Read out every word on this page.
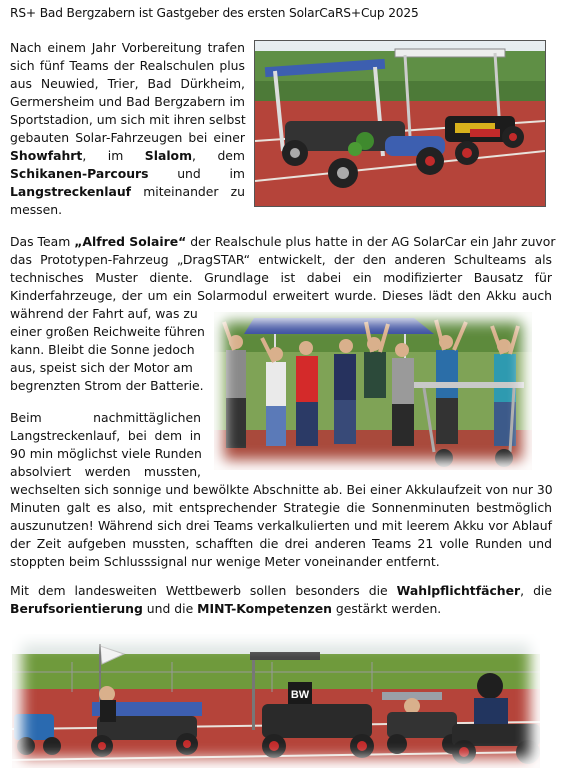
RS+ Bad Bergzabern ist Gastgeber des ersten SolarCaRS+Cup 2025
Nach einem Jahr Vorbereitung trafen
sich fünf Teams der Realschulen plus
aus Neuwied, Trier, Bad Dürkheim,
Germersheim und Bad Bergzabern im
Sportstadion, um sich mit ihren selbst
gebauten Solar-Fahrzeugen bei einer
Showfahrt, im Slalom, dem
Schikanen-Parcours und im
Langstreckenlauf miteinander zu
messen.
Das Team „Alfred Solaire“ der Realschule plus hatte in der AG SolarCar ein Jahr zuvor
das Prototypen-Fahrzeug „DragSTAR“ entwickelt, der den anderen Schulteams als
technisches Muster diente. Grundlage ist dabei ein modifizierter Bausatz für
Kinderfahrzeuge, der um ein Solarmodul erweitert wurde. Dieses lädt den Akku auch
während der Fahrt auf, was zu
einer großen Reichweite führen
kann. Bleibt die Sonne jedoch
aus, speist sich der Motor am
begrenzten Strom der Batterie.
Beim	nachmittäglichen
Langstreckenlauf, bei dem in
90 min möglichst viele Runden
absolviert werden mussten,
wechselten sich sonnige und bewölkte Abschnitte ab. Bei einer Akkulaufzeit von nur 30
Minuten galt es also, mit entsprechender Strategie die Sonnenminuten bestmöglich
auszunutzen! Während sich drei Teams verkalkulierten und mit leerem Akku vor Ablauf
der Zeit aufgeben mussten, schafften die drei anderen Teams 21 volle Runden und
stoppten beim Schlusssignal nur wenige Meter voneinander entfernt.
Mit dem landesweiten Wettbewerb sollen besonders die Wahlpflichtfächer, die
Berufsorientierung und die MINT-Kompetenzen gestärkt werden.
BW
